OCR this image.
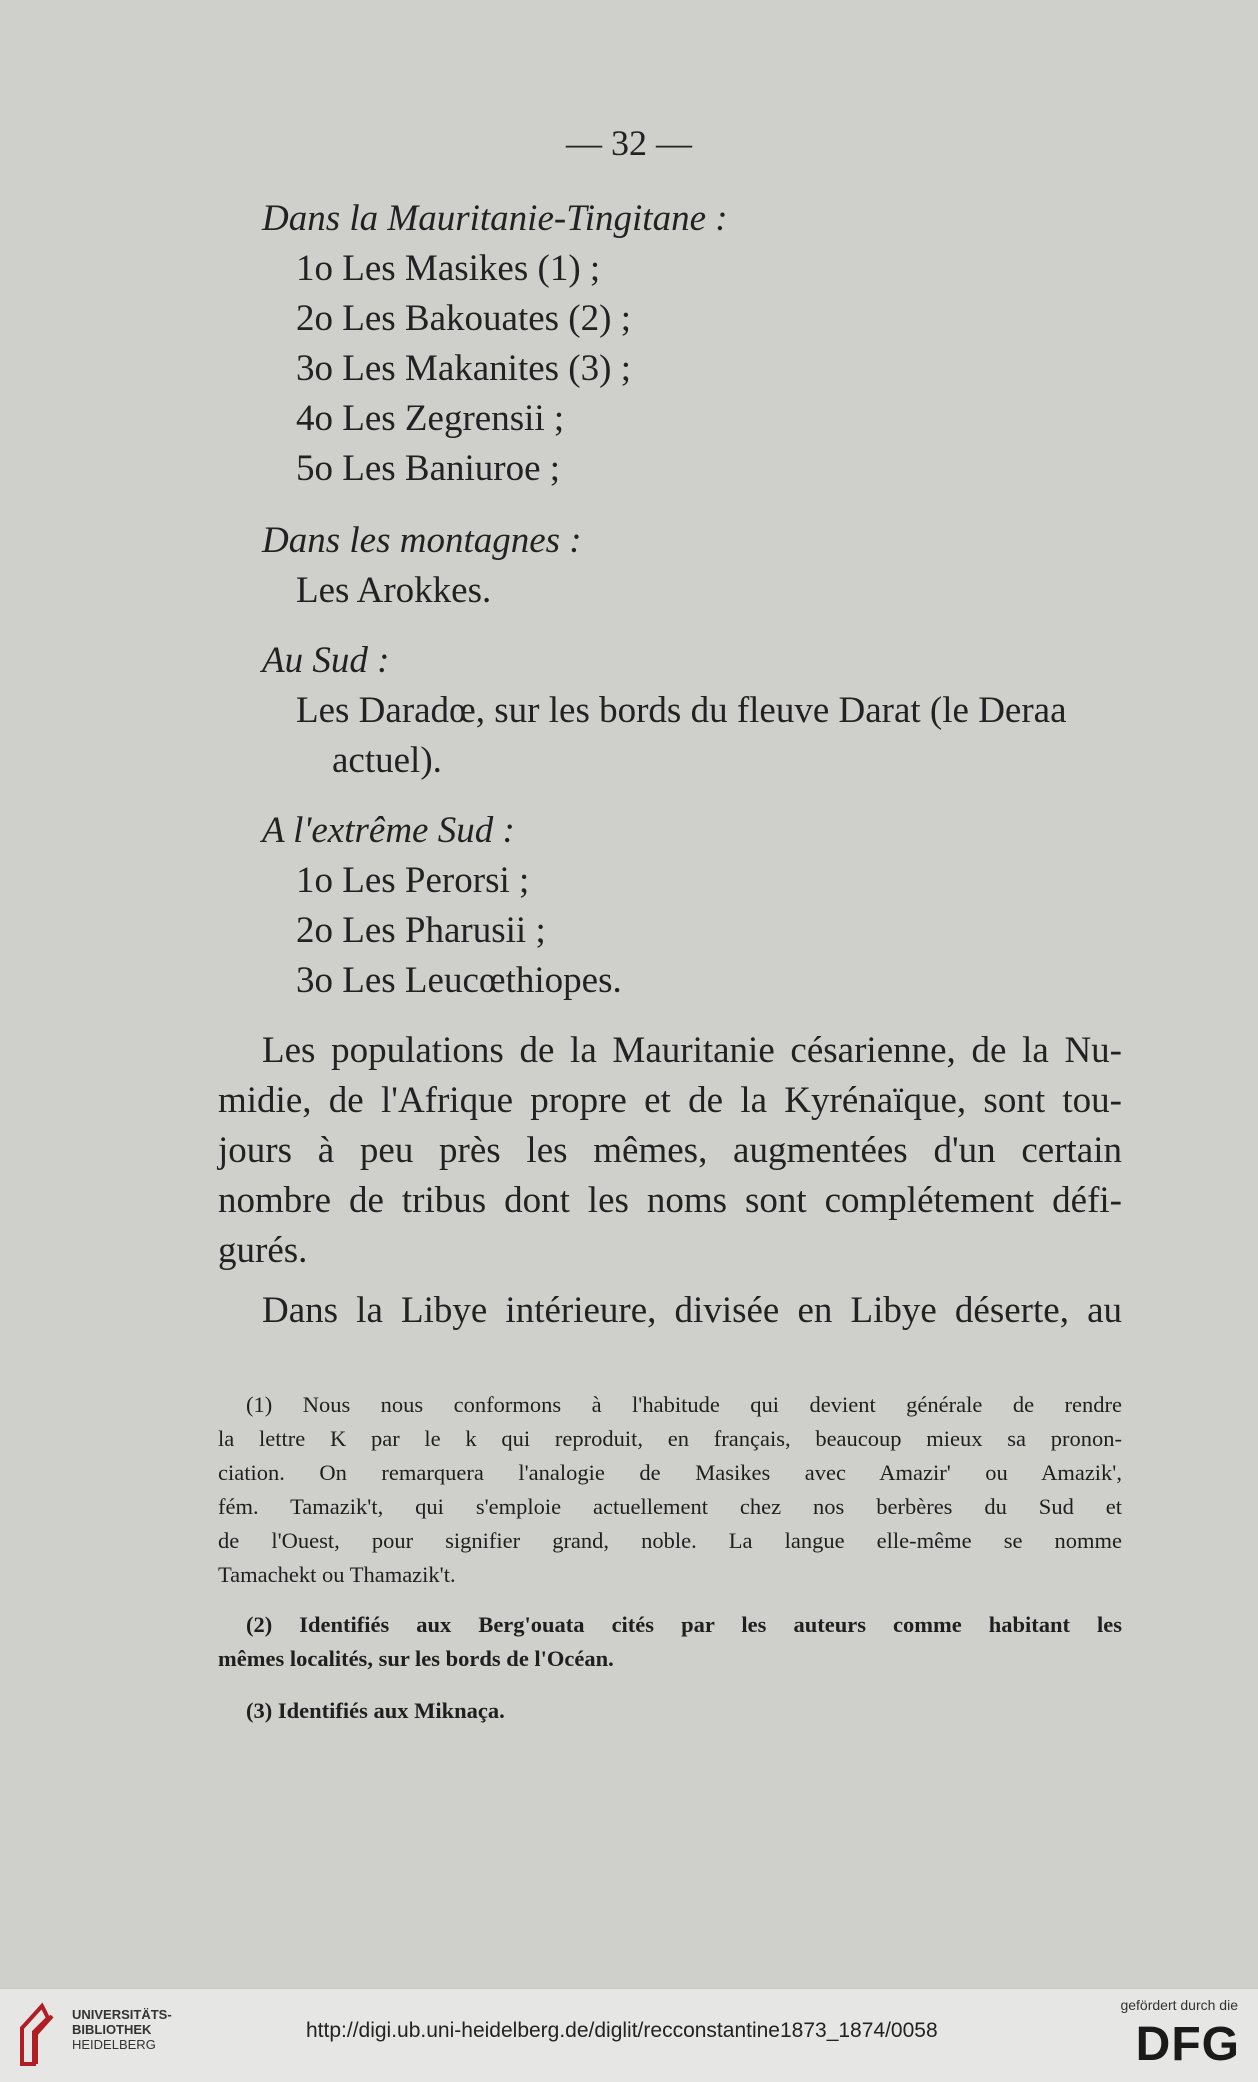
— 32 —
Dans la Mauritanie-Tingitane :
1o Les Masikes (1) ;
2o Les Bakouates (2) ;
3o Les Makanites (3) ;
4o Les Zegrensii ;
5o Les Baniuroe ;
Dans les montagnes :
Les Arokkes.
Au Sud :
Les Daradœ, sur les bords du fleuve Darat (le Deraa
actuel).
A l'extrême Sud :
1o Les Perorsi ;
2o Les Pharusii ;
3o Les Leucœthiopes.
Les populations de la Mauritanie césarienne, de la Nu-
midie, de l'Afrique propre et de la Kyrénaïque, sont tou-
jours à peu près les mêmes, augmentées d'un certain
nombre de tribus dont les noms sont complétement défi-
gurés.
Dans la Libye intérieure, divisée en Libye déserte, au
(1) Nous nous conformons à l'habitude qui devient générale de rendre
la lettre K par le k qui reproduit, en français, beaucoup mieux sa pronon-
ciation. On remarquera l'analogie de Masikes avec Amazir' ou Amazik',
fém. Tamazik't, qui s'emploie actuellement chez nos berbères du Sud et
de l'Ouest, pour signifier grand, noble. La langue elle-même se nomme
Tamachekt ou Thamazik't.
(2) Identifiés aux Berg'ouata cités par les auteurs comme habitant les
mêmes localités, sur les bords de l'Océan.
(3) Identifiés aux Miknaça.
UNIVERSITÄTS-
BIBLIOTHEK
HEIDELBERG
http://digi.ub.uni-heidelberg.de/diglit/recconstantine1873_1874/0058
gefördert durch die
DFG
